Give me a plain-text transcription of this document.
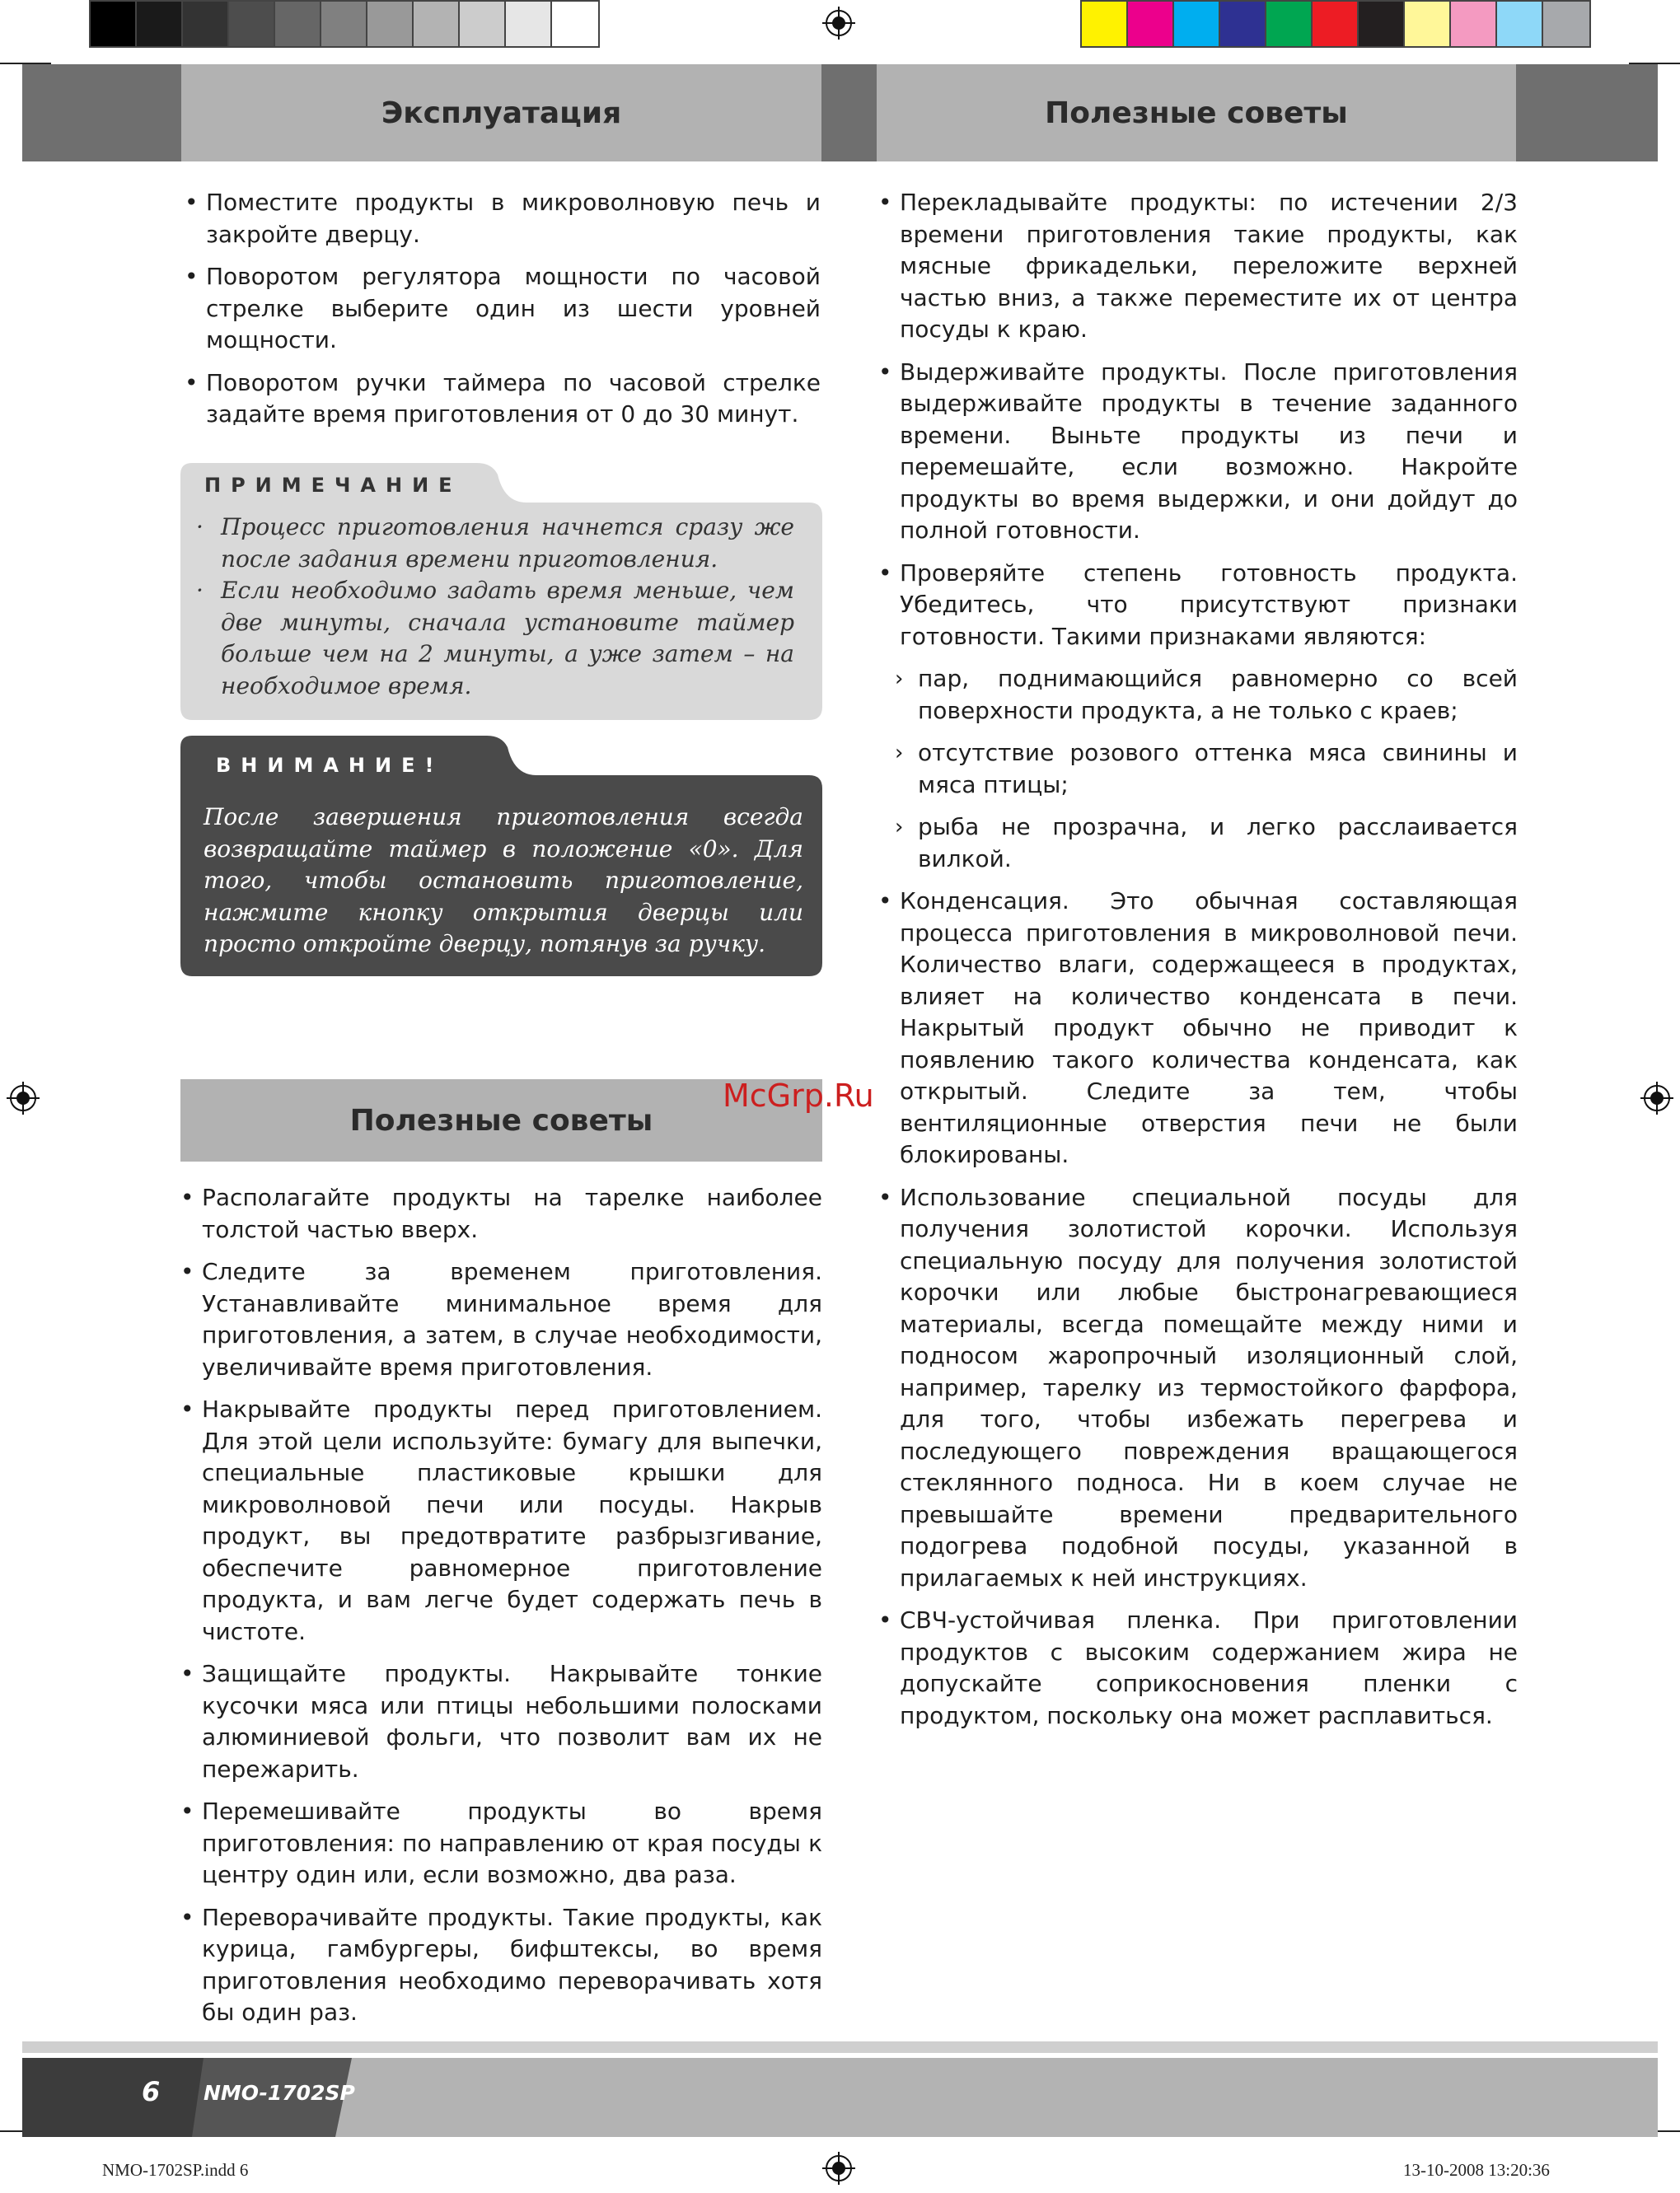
Эксплуатация	Полезные советы
• Поместите продукты в микроволновую печь и закройте дверцу.
• Поворотом регулятора мощности по часовой стрелке выберите один из шести уровней мощности.
• Поворотом ручки таймера по часовой стрелке задайте время приготовления от 0 до 30 минут.
ПРИМЕЧАНИЕ
· Процесс приготовления начнется сразу же после задания времени приготовления.
· Если необходимо задать время меньше, чем две минуты, сначала установите таймер больше чем на 2 минуты, а уже затем – на необходимое время.
ВНИМАНИЕ!
После завершения приготовления всегда возвращайте таймер в положение «0». Для того, чтобы остановить приготовление, нажмите кнопку открытия дверцы или просто откройте дверцу, потянув за ручку.
Полезные советы
• Располагайте продукты на тарелке наиболее толстой частью вверх.
• Следите за временем приготовления. Устанавливайте минимальное время для приготовления, а затем, в случае необходимости, увеличивайте время приготовления.
• Накрывайте продукты перед приготовлением. Для этой цели используйте: бумагу для выпечки, специальные пластиковые крышки для микроволновой печи или посуды. Накрыв продукт, вы предотвратите разбрызгивание, обеспечите равномерное приготовление продукта, и вам легче будет содержать печь в чистоте.
• Защищайте продукты. Накрывайте тонкие кусочки мяса или птицы небольшими полосками алюминиевой фольги, что позволит вам их не пережарить.
• Перемешивайте продукты во время приготовления: по направлению от края посуды к центру один или, если возможно, два раза.
• Переворачивайте продукты. Такие продукты, как курица, гамбургеры, бифштексы, во время приготовления необходимо переворачивать хотя бы один раз.
• Перекладывайте продукты: по истечении 2/3 времени приготовления такие продукты, как мясные фрикадельки, переложите верхней частью вниз, а также переместите их от центра посуды к краю.
• Выдерживайте продукты. После приготовления выдерживайте продукты в течение заданного времени. Выньте продукты из печи и перемешайте, если возможно. Накройте продукты во время выдержки, и они дойдут до полной готовности.
• Проверяйте степень готовность продукта. Убедитесь, что присутствуют признаки готовности. Такими признаками являются:
› пар, поднимающийся равномерно со всей поверхности продукта, а не только с краев;
› отсутствие розового оттенка мяса свинины и мяса птицы;
› рыба не прозрачна, и легко расслаивается вилкой.
• Конденсация. Это обычная составляющая процесса приготовления в микроволновой печи. Количество влаги, содержащееся в продуктах, влияет на количество конденсата в печи. Накрытый продукт обычно не приводит к появлению такого количества конденсата, как открытый. Следите за тем, чтобы вентиляционные отверстия печи не были блокированы.
• Использование специальной посуды для получения золотистой корочки. Используя специальную посуду для получения золотистой корочки или любые быстронагревающиеся материалы, всегда помещайте между ними и подносом жаропрочный изоляционный слой, например, тарелку из термостойкого фарфора, для того, чтобы избежать перегрева и последующего повреждения вращающегося стеклянного подноса. Ни в коем случае не превышайте времени предварительного подогрева подобной посуды, указанной в прилагаемых к ней инструкциях.
• СВЧ-устойчивая пленка. При приготовлении продуктов с высоким содержанием жира не допускайте соприкосновения пленки с продуктом, поскольку она может расплавиться.
McGrp.Ru
6 NMO-1702SP
NMO-1702SP.indd 6	13-10-2008 13:20:36
